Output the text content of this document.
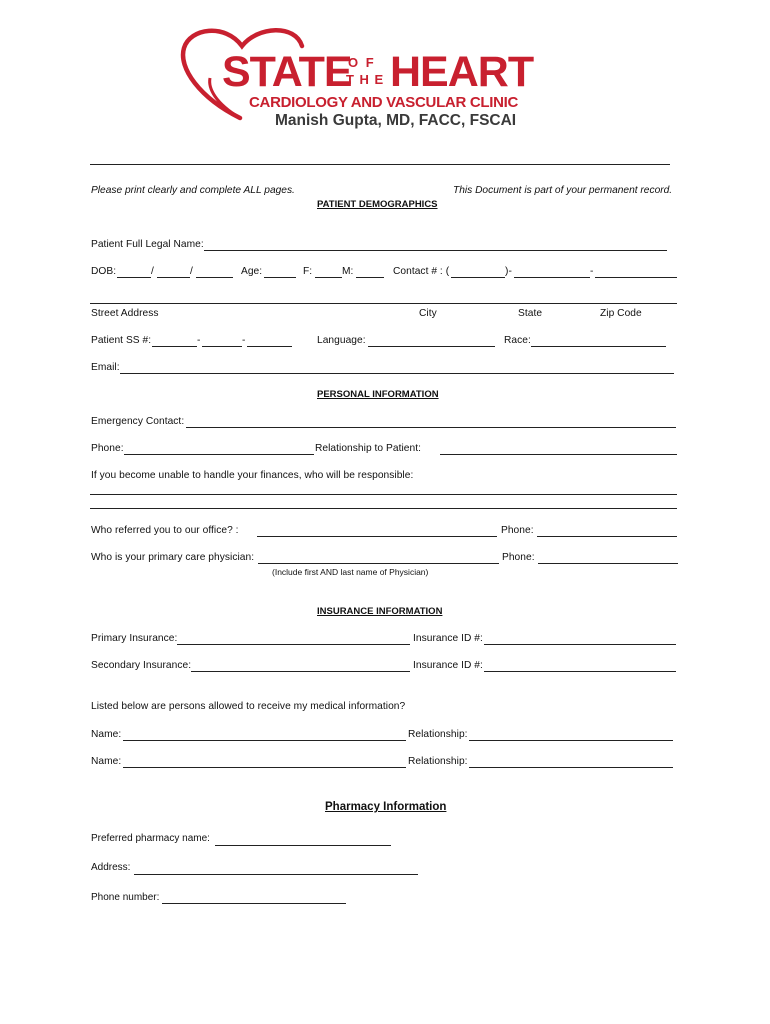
STATE
O F
T H E HEART
CARDIOLOGY AND VASCULAR CLINIC
Manish Gupta, MD, FACC, FSCAI
Please print clearly and complete ALL pages.	This Document is part of your permanent record.
PATIENT DEMOGRAPHICS
Patient Full Legal Name:
DOB:	/	/	Age:	F:	M:	Contact # : (	)-	-
Street Address	City	State	Zip Code
Patient SS #:	-	-	Language:	Race:
Email:
PERSONAL INFORMATION
Emergency Contact:
Phone:	Relationship to Patient:
If you become unable to handle your finances, who will be responsible:
Who referred you to our office? :	Phone:
Who is your primary care physician:	Phone:
(Include first AND last name of Physician)
INSURANCE INFORMATION
Primary Insurance:	Insurance ID #:
Secondary Insurance:	Insurance ID #:
Listed below are persons allowed to receive my medical information?
Name:	Relationship:
Name:	Relationship:
Pharmacy Information
Preferred pharmacy name:
Address:
Phone number:
